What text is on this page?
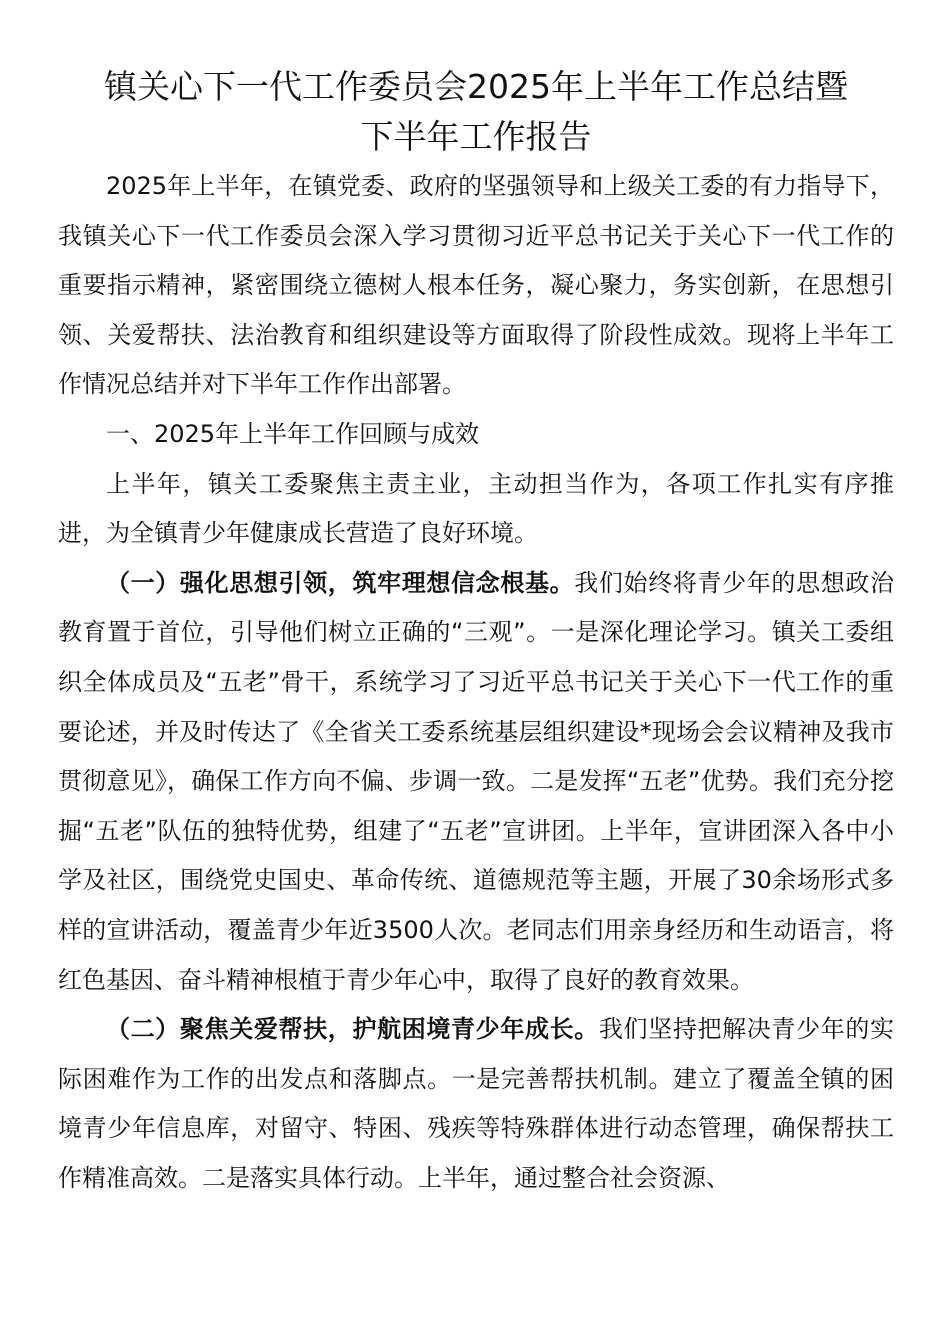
镇关心下一代工作委员会2025年上半年工作总结暨
下半年工作报告

2025年上半年，在镇党委、政府的坚强领导和上级关工委的有力指导下，我镇关心下一代工作委员会深入学习贯彻习近平总书记关于关心下一代工作的重要指示精神，紧密围绕立德树人根本任务，凝心聚力，务实创新，在思想引领、关爱帮扶、法治教育和组织建设等方面取得了阶段性成效。现将上半年工作情况总结并对下半年工作作出部署。

一、2025年上半年工作回顾与成效

上半年，镇关工委聚焦主责主业，主动担当作为，各项工作扎实有序推进，为全镇青少年健康成长营造了良好环境。

（一）强化思想引领，筑牢理想信念根基。我们始终将青少年的思想政治教育置于首位，引导他们树立正确的“三观”。一是深化理论学习。镇关工委组织全体成员及“五老”骨干，系统学习了习近平总书记关于关心下一代工作的重要论述，并及时传达了《全省关工委系统基层组织建设*现场会会议精神及我市贯彻意见》，确保工作方向不偏、步调一致。二是发挥“五老”优势。我们充分挖掘“五老”队伍的独特优势，组建了“五老”宣讲团。上半年，宣讲团深入各中小学及社区，围绕党史国史、革命传统、道德规范等主题，开展了30余场形式多样的宣讲活动，覆盖青少年近3500人次。老同志们用亲身经历和生动语言，将红色基因、奋斗精神根植于青少年心中，取得了良好的教育效果。

（二）聚焦关爱帮扶，护航困境青少年成长。我们坚持把解决青少年的实际困难作为工作的出发点和落脚点。一是完善帮扶机制。建立了覆盖全镇的困境青少年信息库，对留守、特困、残疾等特殊群体进行动态管理，确保帮扶工作精准高效。二是落实具体行动。上半年，通过整合社会资源、
